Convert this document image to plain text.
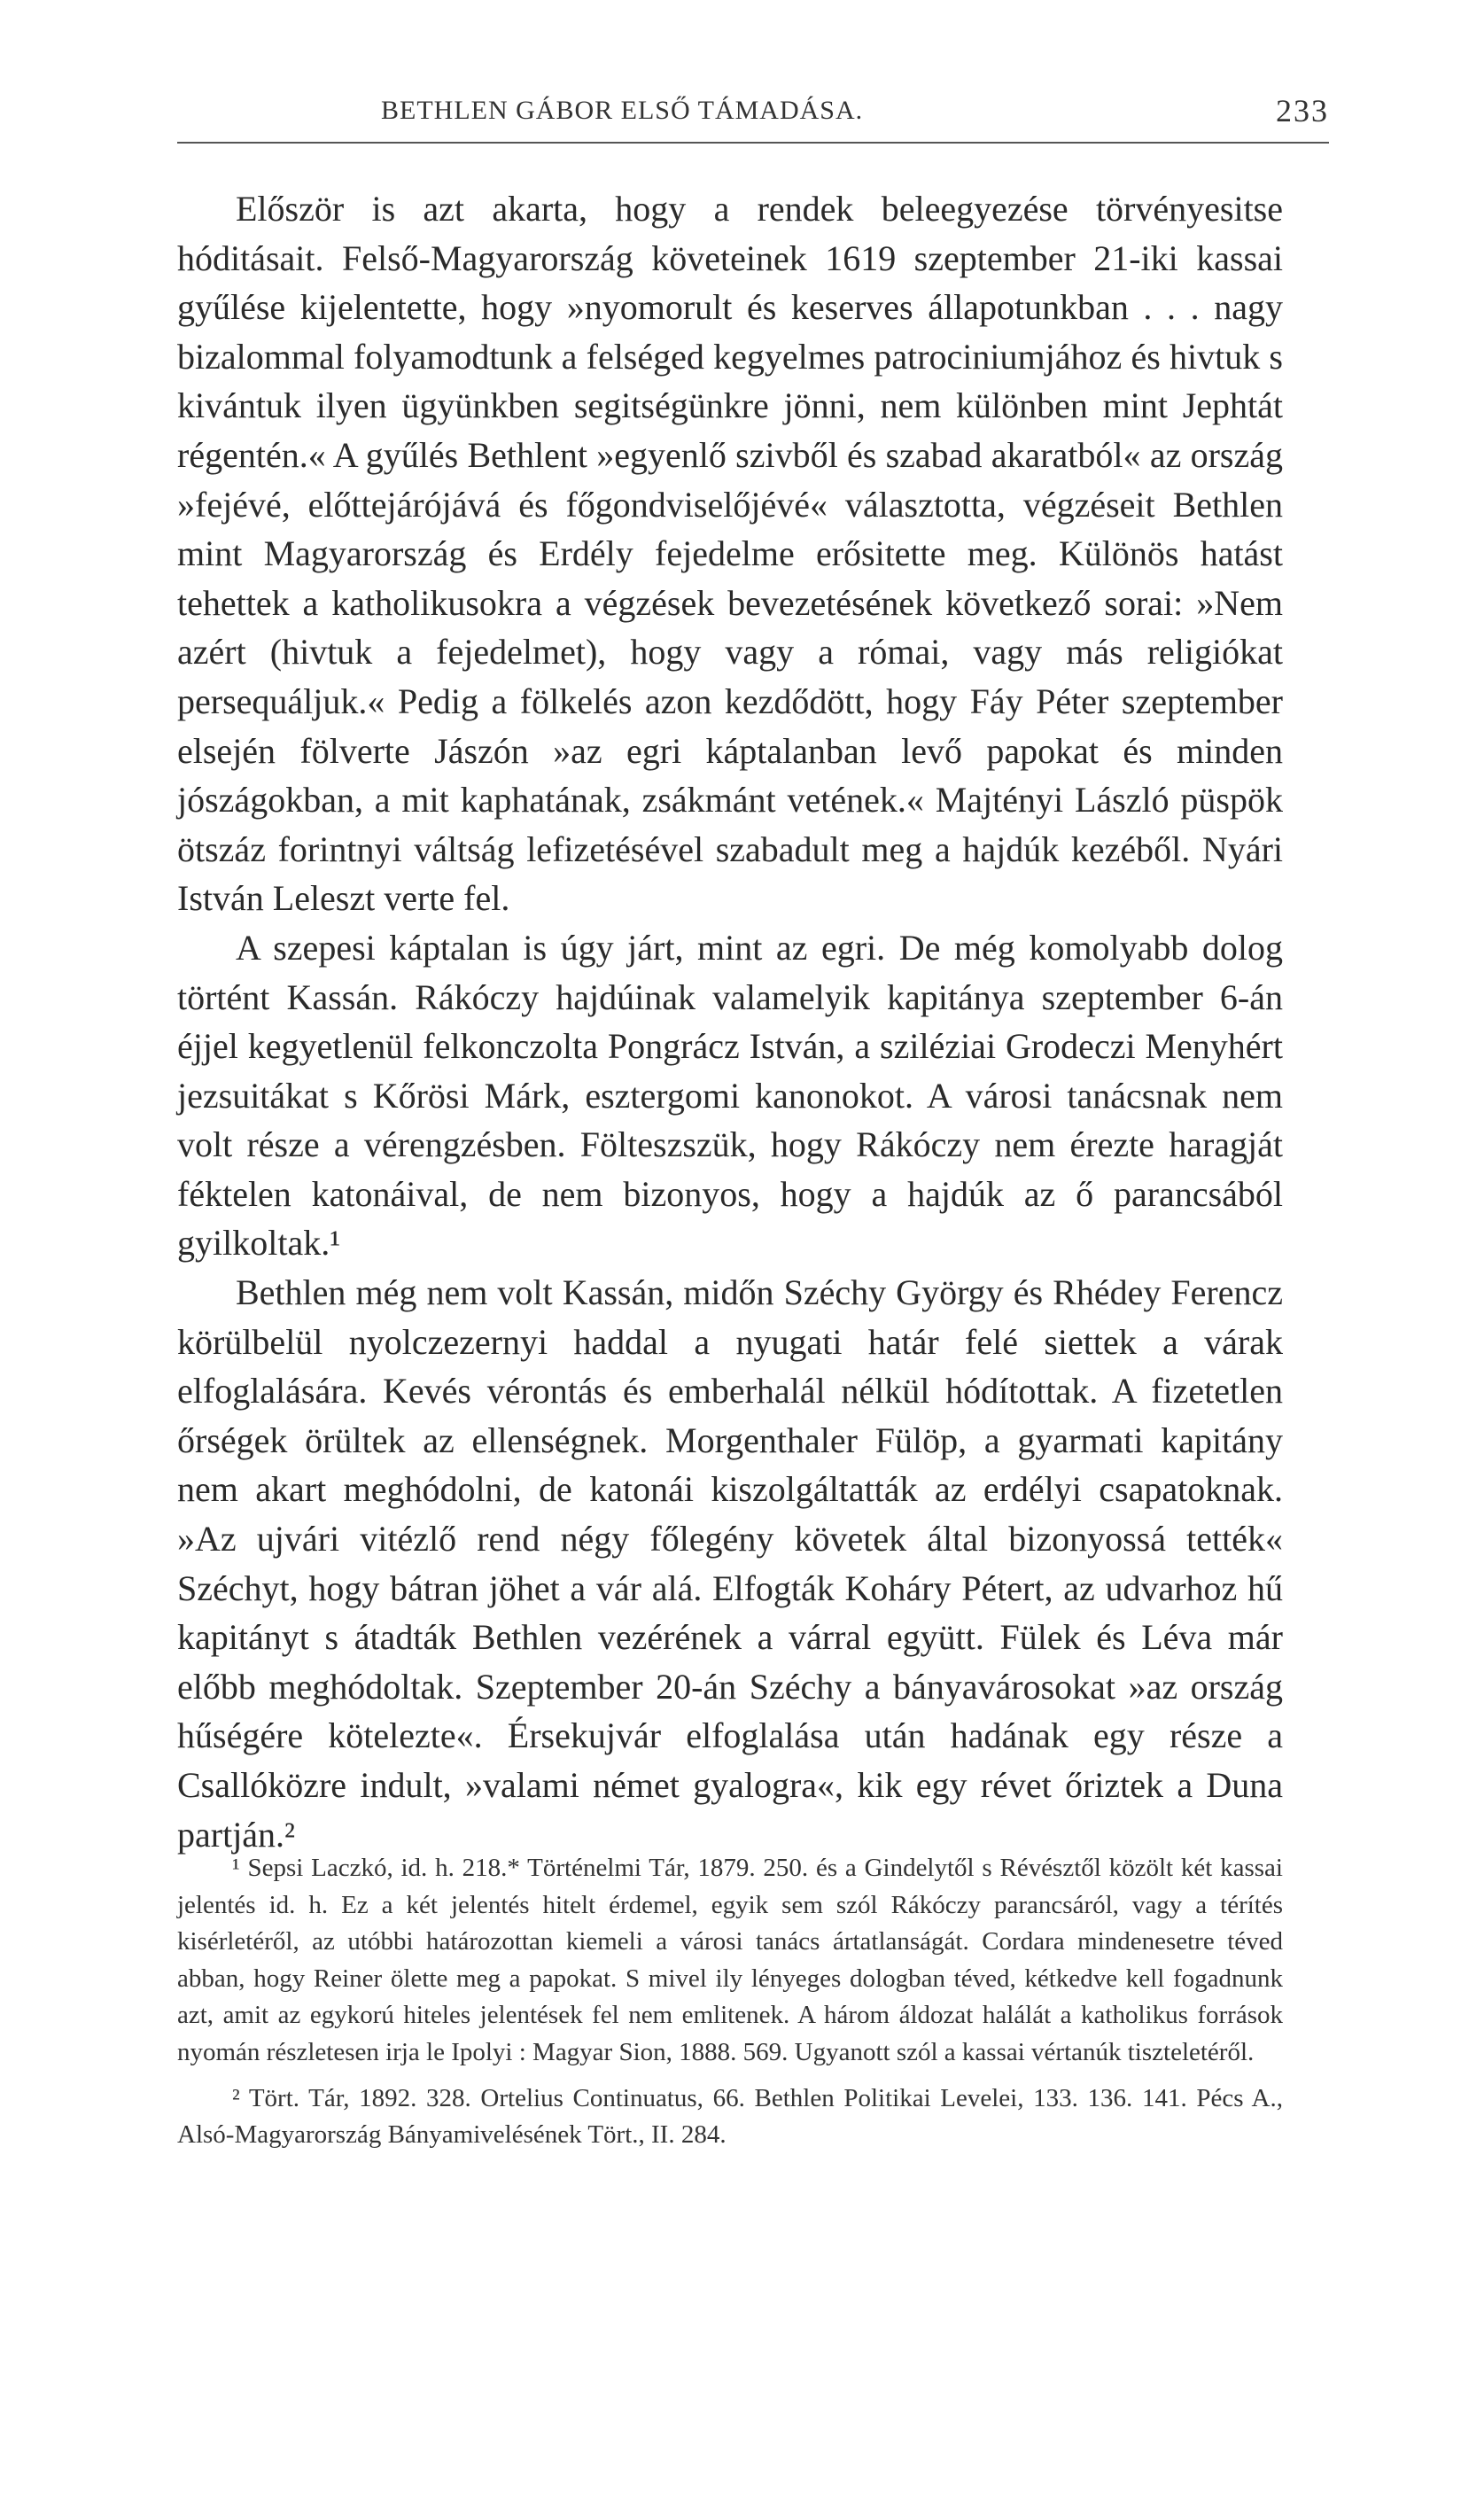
BETHLEN GÁBOR ELSŐ TÁMADÁSA.	233

Először is azt akarta, hogy a rendek beleegyezése törvényesitse hóditásait. Felső-Magyarország követeinek 1619 szeptember 21-iki kassai gyűlése kijelentette, hogy »nyomorult és keserves állapotunkban . . . nagy bizalommal folyamodtunk a felséged kegyelmes patrociniumjához és hivtuk s kivántuk ilyen ügyünkben segitségünkre jönni, nem különben mint Jephtát régentén.« A gyűlés Bethlent »egyenlő szivből és szabad akaratból« az ország »fejévé, előttejárójává és főgondviselőjévé« választotta, végzéseit Bethlen mint Magyarország és Erdély fejedelme erősitette meg. Különös hatást tehettek a katholikusokra a végzések bevezetésének következő sorai: »Nem azért (hivtuk a fejedelmet), hogy vagy a római, vagy más religiókat persequáljuk.« Pedig a fölkelés azon kezdődött, hogy Fáy Péter szeptember elsején fölverte Jászón »az egri káptalanban levő papokat és minden jószágokban, a mit kaphatának, zsákmánt vetének.« Majtényi László püspök ötszáz forintnyi váltság lefizetésével szabadult meg a hajdúk kezéből. Nyári István Leleszt verte fel.

A szepesi káptalan is úgy járt, mint az egri. De még komolyabb dolog történt Kassán. Rákóczy hajdúinak valamelyik kapitánya szeptember 6-án éjjel kegyetlenül felkonczolta Pongrácz István, a sziléziai Grodeczi Menyhért jezsuitákat s Kőrösi Márk, esztergomi kanonokot. A városi tanácsnak nem volt része a vérengzésben. Fölteszszük, hogy Rákóczy nem érezte haragját féktelen katonáival, de nem bizonyos, hogy a hajdúk az ő parancsából gyilkoltak.¹

Bethlen még nem volt Kassán, midőn Széchy György és Rhédey Ferencz körülbelül nyolczezernyi haddal a nyugati határ felé siettek a várak elfoglalására. Kevés vérontás és emberhalál nélkül hódítottak. A fizetetlen őrségek örültek az ellenségnek. Morgenthaler Fülöp, a gyarmati kapitány nem akart meghódolni, de katonái kiszolgáltatták az erdélyi csapatoknak. »Az ujvári vitézlő rend négy főlegény követek által bizonyossá tették« Széchyt, hogy bátran jöhet a vár alá. Elfogták Koháry Pétert, az udvarhoz hű kapitányt s átadták Bethlen vezérének a várral együtt. Fülek és Léva már előbb meghódoltak. Szeptember 20-án Széchy a bányavárosokat »az ország hűségére kötelezte«. Érsekujvár elfoglalása után hadának egy része a Csallóközre indult, »valami német gyalogra«, kik egy révet őriztek a Duna partján.²

¹ Sepsi Laczkó, id. h. 218.* Történelmi Tár, 1879. 250. és a Gindelytől s Révésztől közölt két kassai jelentés id. h. Ez a két jelentés hitelt érdemel, egyik sem szól Rákóczy parancsáról, vagy a térítés kisérletéről, az utóbbi határozottan kiemeli a városi tanács ártatlanságát. Cordara mindenesetre téved abban, hogy Reiner ölette meg a papokat. S mivel ily lényeges dologban téved, kétkedve kell fogadnunk azt, amit az egykorú hiteles jelentések fel nem emlitenek. A három áldozat halálát a katholikus források nyomán részletesen irja le Ipolyi : Magyar Sion, 1888. 569. Ugyanott szól a kassai vértanúk tiszteletéről.

² Tört. Tár, 1892. 328. Ortelius Continuatus, 66. Bethlen Politikai Levelei, 133. 136. 141. Pécs A., Alsó-Magyarország Bányamivelésének Tört., II. 284.
